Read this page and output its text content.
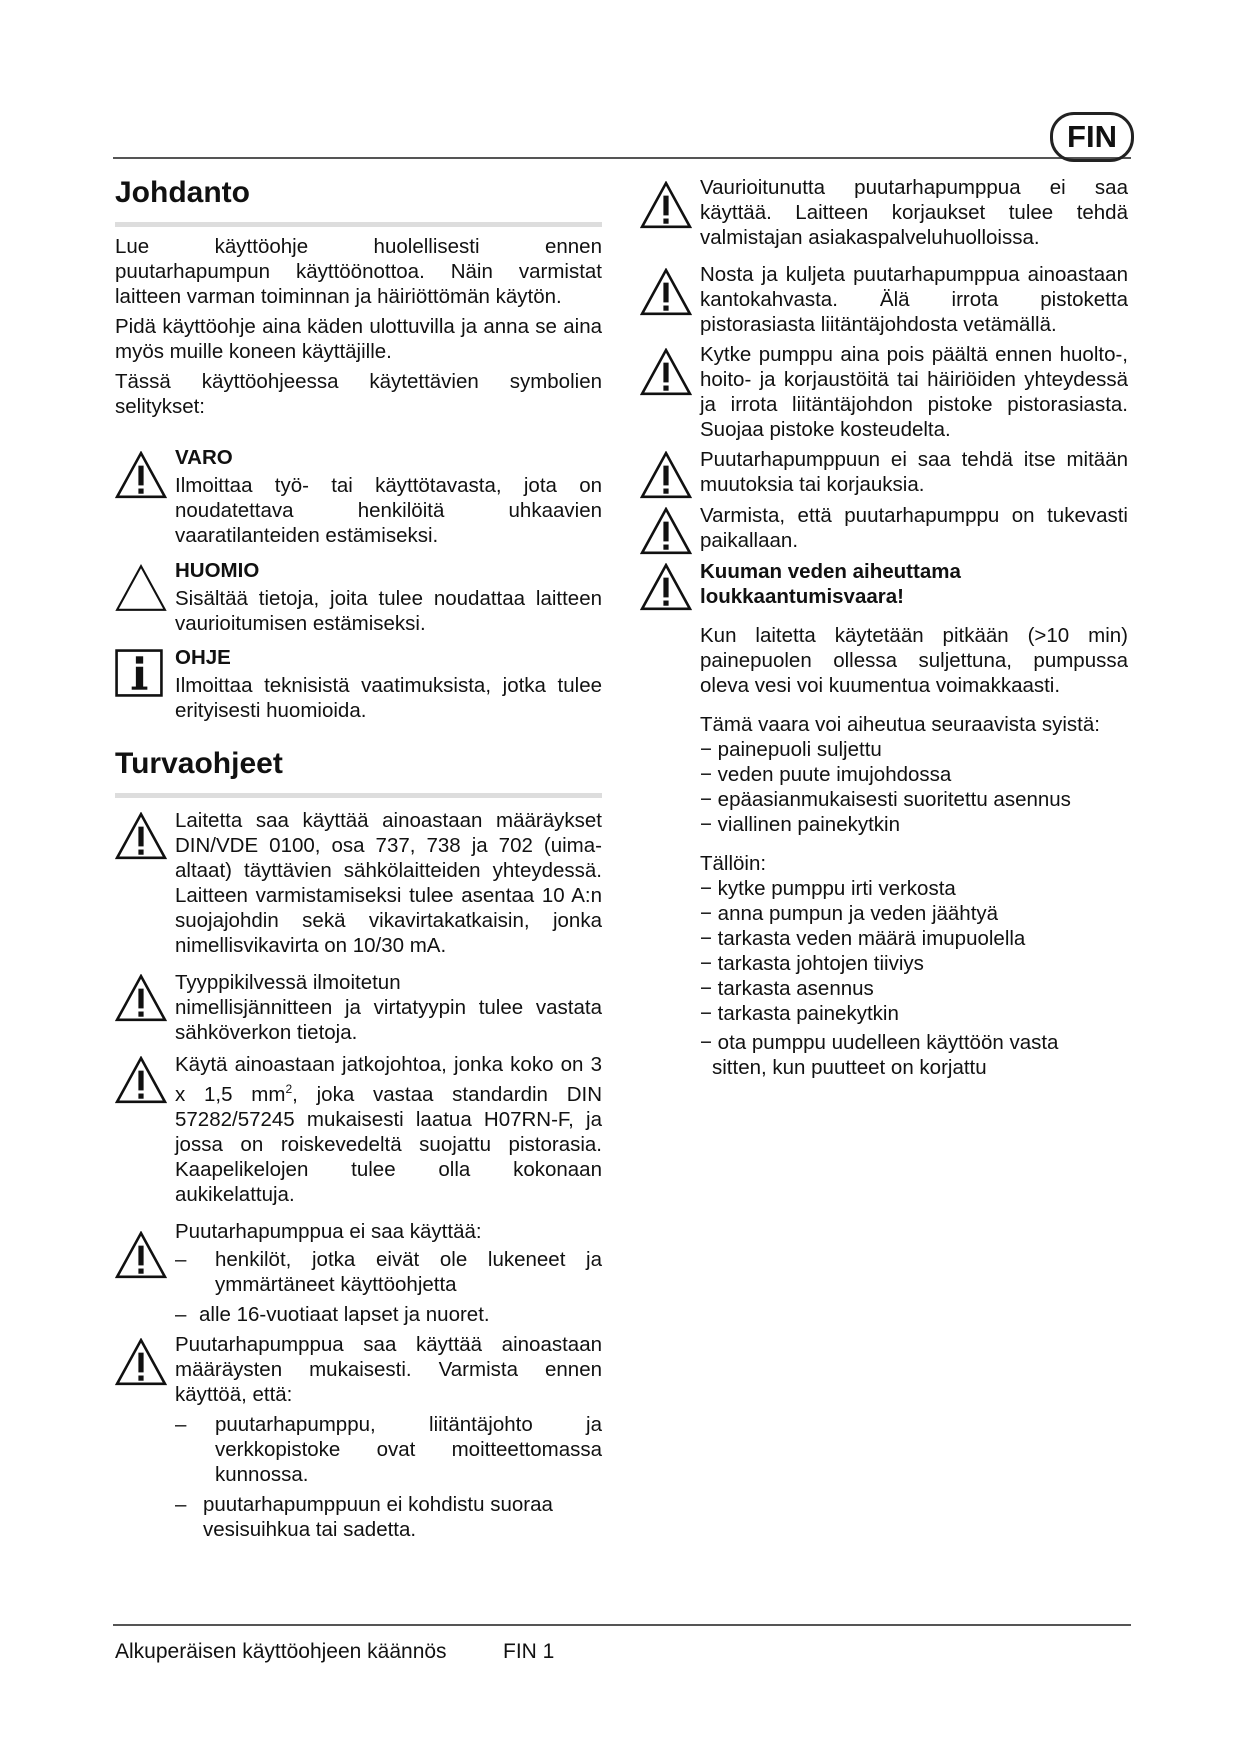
FIN
Johdanto

Lue käyttöohje huolellisesti ennen

puutarhapumpun käyttöönottoa. Näin varmistat laitteen varman toiminnan ja häiriöttömän käytön.

Pidä käyttöohje aina käden ulottuvilla ja anna se aina myös muille koneen käyttäjille.

Tässä käyttöohjeessa käytettävien symbolien selitykset:

VARO

Ilmoittaa työ- tai käyttötavasta, jota on noudatettava henkilöitä uhkaavien vaaratilanteiden estämiseksi.

HUOMIO

Sisältää tietoja, joita tulee noudattaa laitteen vaurioitumisen estämiseksi.

OHJE

Ilmoittaa teknisistä vaatimuksista, jotka tulee erityisesti huomioida.

Turvaohjeet

Laitetta saa käyttää ainoastaan määräykset DIN/VDE 0100, osa 737, 738 ja 702 (uima-altaat) täyttävien sähkölaitteiden yhteydessä. Laitteen varmistamiseksi tulee asentaa 10 A:n suojajohdin sekä vikavirtakatkaisin, jonka nimellisvikavirta on 10/30 mA.

Tyyppikilvessä ilmoitetun

nimellisjännitteen ja virtatyypin tulee vastata sähköverkon tietoja.

Käytä ainoastaan jatkojohtoa, jonka koko on 3 x 1,5 $mm^2$, joka vastaa standardin DIN 57282/57245 mukaisesti laatua H07RN-F, ja jossa on roiskevedeltä suojattu pistorasia. Kaapelikelojen tulee olla kokonaan aukikelattuja.

Puutarhapumppua ei saa käyttää:

–	henkilöt, jotka eivät ole lukeneet ja ymmärtäneet käyttöohjetta
– alle 16-vuotiaat lapset ja nuoret.

Puutarhapumppua saa käyttää ainoastaan määräysten mukaisesti. Varmista ennen käyttöä, että:

–	puutarhapumppu, liitäntäjohto ja verkkopistoke ovat moitteettomassa kunnossa.
– puutarhapumppuun ei kohdistu suoraa vesisuihkua tai sadetta.

Vaurioitunutta puutarhapumppua ei saa käyttää. Laitteen korjaukset tulee tehdä valmistajan asiakaspalveluhuolloissa.

Nosta ja kuljeta puutarhapumppua ainoastaan kantokahvasta. Älä irrota pistoketta pistorasiasta liitäntäjohdosta vetämällä.

Kytke pumppu aina pois päältä ennen huolto-, hoito- ja korjaustöitä tai häiriöiden yhteydessä ja irrota liitäntäjohdon pistoke pistorasiasta. Suojaa pistoke kosteudelta.

Puutarhapumppuun ei saa tehdä itse mitään muutoksia tai korjauksia.

Varmista, että puutarhapumppu on tukevasti paikallaan.

Kuuman veden aiheuttama loukkaantumisvaara!

Kun laitetta käytetään pitkään (>10 min) painepuolen ollessa suljettuna, pumpussa oleva vesi voi kuumentua voimakkaasti.

Tämä vaara voi aiheutua seuraavista syistä:

− painepuoli suljettu

− veden puute imujohdossa

− epäasianmukaisesti suoritettu asennus

− viallinen painekytkin

Tällöin:

− kytke pumppu irti verkosta

− anna pumpun ja veden jäähtyä

− tarkasta veden määrä imupuolella

− tarkasta johtojen tiiviys

− tarkasta asennus

− tarkasta painekytkin

− ota pumppu uudelleen käyttöön vasta

sitten, kun puutteet on korjattu

Alkuperäisen käyttöohjeen käännös	FIN 1
